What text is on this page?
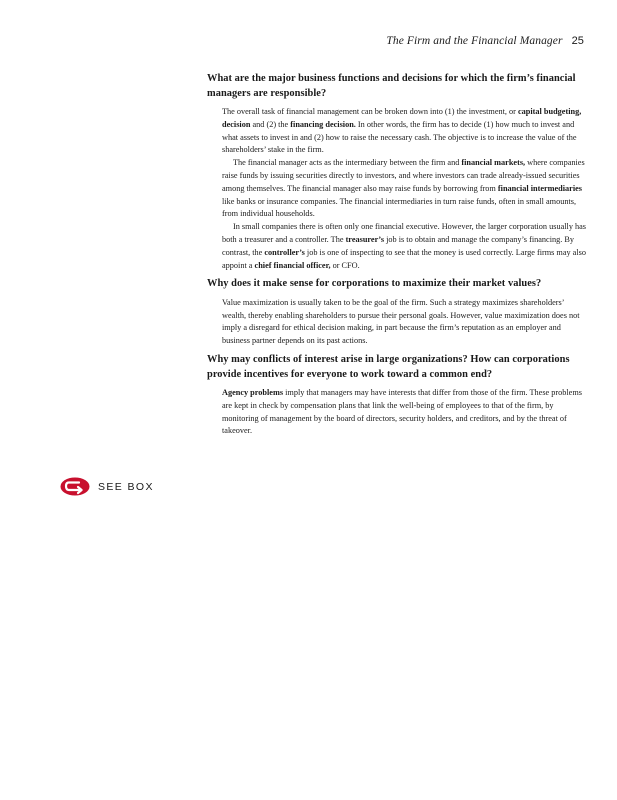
The Firm and the Financial Manager 25

What are the major business functions and decisions for which the firm’s financial managers are responsible?

The overall task of financial management can be broken down into (1) the investment, or capital budgeting, decision and (2) the financing decision. In other words, the firm has to decide (1) how much to invest and what assets to invest in and (2) how to raise the necessary cash. The objective is to increase the value of the shareholders’ stake in the firm.

The financial manager acts as the intermediary between the firm and financial markets, where companies raise funds by issuing securities directly to investors, and where investors can trade already-issued securities among themselves. The financial manager also may raise funds by borrowing from financial intermediaries like banks or insurance companies. The financial intermediaries in turn raise funds, often in small amounts, from individual households.

In small companies there is often only one financial executive. However, the larger corporation usually has both a treasurer and a controller. The treasurer’s job is to obtain and manage the company’s financing. By contrast, the controller’s job is one of inspecting to see that the money is used correctly. Large firms may also appoint a chief financial officer, or CFO.

Why does it make sense for corporations to maximize their market values?

Value maximization is usually taken to be the goal of the firm. Such a strategy maximizes shareholders’ wealth, thereby enabling shareholders to pursue their personal goals. However, value maximization does not imply a disregard for ethical decision making, in part because the firm’s reputation as an employer and business partner depends on its past actions.

Why may conflicts of interest arise in large organizations? How can corporations provide incentives for everyone to work toward a common end?

Agency problems imply that managers may have interests that differ from those of the firm. These problems are kept in check by compensation plans that link the well-being of employees to that of the firm, by monitoring of management by the board of directors, security holders, and creditors, and by the threat of takeover.

SEE BOX
